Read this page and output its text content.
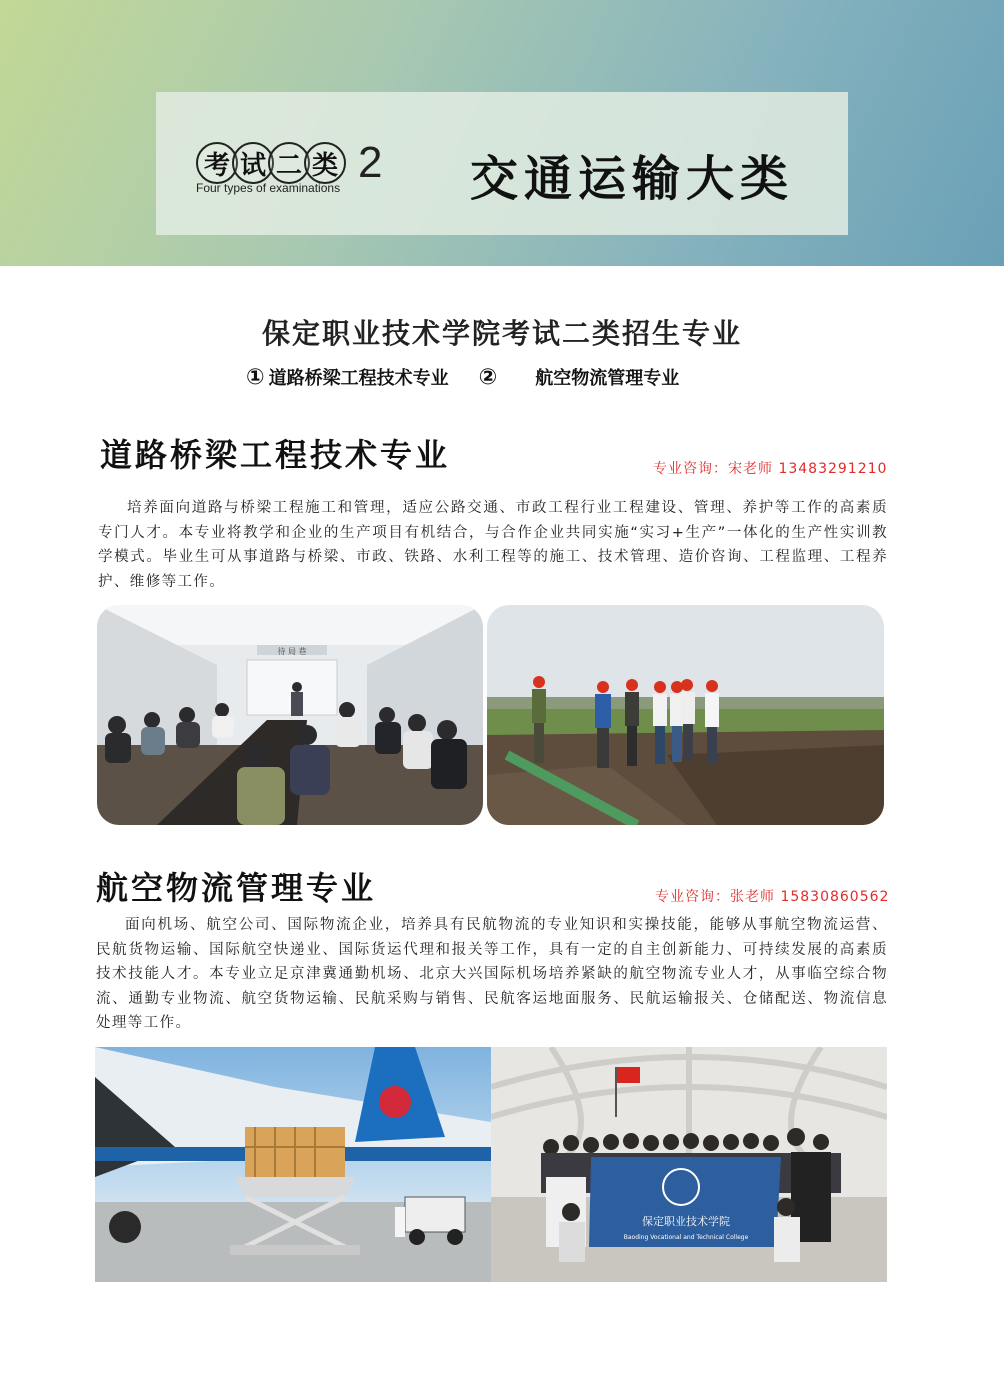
考 试 二 类 2
Four types of examinations	交通运输大类
保定职业技术学院考试二类招生专业
① 道路桥梁工程技术专业 ② 航空物流管理专业
道路桥梁工程技术专业	专业咨询：宋老师 13483291210
培养面向道路与桥梁工程施工和管理，适应公路交通、市政工程行业工程建设、管理、养护等工作的高素质专门人才。本专业将教学和企业的生产项目有机结合，与合作企业共同实施“实习+生产”一体化的生产性实训教学模式。毕业生可从事道路与桥梁、市政、铁路、水利工程等的施工、技术管理、造价咨询、工程监理、工程养护、维修等工作。
待 局 巷
航空物流管理专业	专业咨询：张老师 15830860562
面向机场、航空公司、国际物流企业，培养具有民航物流的专业知识和实操技能，能够从事航空物流运营、民航货物运输、国际航空快递业、国际货运代理和报关等工作，具有一定的自主创新能力、可持续发展的高素质技术技能人才。本专业立足京津冀通勤机场、北京大兴国际机场培养紧缺的航空物流专业人才，从事临空综合物流、通勤专业物流、航空货物运输、民航采购与销售、民航客运地面服务、民航运输报关、仓储配送、物流信息处理等工作。
保定职业技术学院
Baoding Vocational and Technical College
